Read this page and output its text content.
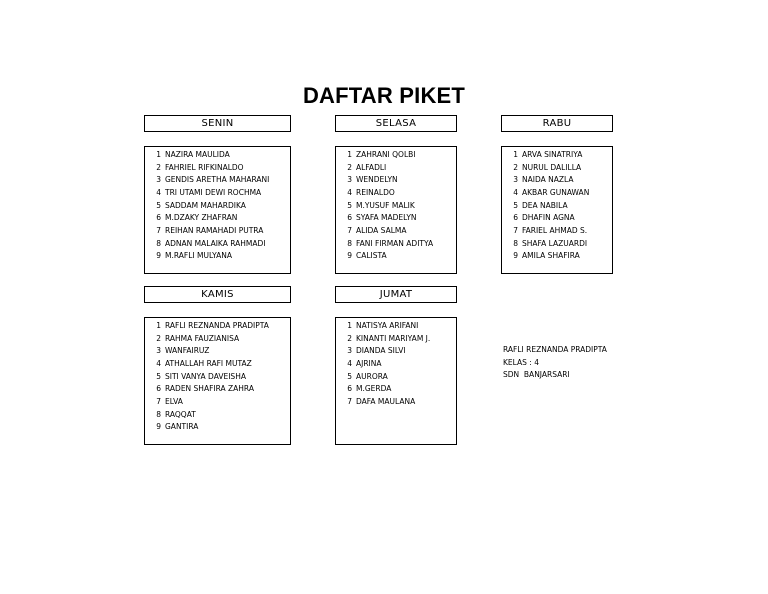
DAFTAR PIKET
SENIN
1 NAZIRA MAULIDA
2 FAHRIEL RIFKINALDO
3 GENDIS ARETHA MAHARANI
4 TRI UTAMI DEWI ROCHMA
5 SADDAM MAHARDIKA
6 M.DZAKY ZHAFRAN
7 REIHAN RAMAHADI PUTRA
8 ADNAN MALAIKA RAHMADI
9 M.RAFLI MULYANA
SELASA
1 ZAHRANI QOLBI
2 ALFADLI
3 WENDELYN
4 REINALDO
5 M.YUSUF MALIK
6 SYAFA MADELYN
7 ALIDA SALMA
8 FANI FIRMAN ADITYA
9 CALISTA
RABU
1 ARVA SINATRIYA
2 NURUL DALILLA
3 NAIDA NAZLA
4 AKBAR GUNAWAN
5 DEA NABILA
6 DHAFIN AGNA
7 FARIEL AHMAD S.
8 SHAFA LAZUARDI
9 AMILA SHAFIRA
KAMIS
1 RAFLI REZNANDA PRADIPTA
2 RAHMA FAUZIANISA
3 WANFAIRUZ
4 ATHALLAH RAFI MUTAZ
5 SITI VANYA DAVEISHA
6 RADEN SHAFIRA ZAHRA
7 ELVA
8 RAQQAT
9 GANTIRA
JUMAT
1 NATISYA ARIFANI
2 KINANTI MARIYAM J.
3 DIANDA SILVI
4 AJRINA
5 AURORA
6 M.GERDA
7 DAFA MAULANA
RAFLI REZNANDA PRADIPTA
KELAS : 4
SDN  BANJARSARI
